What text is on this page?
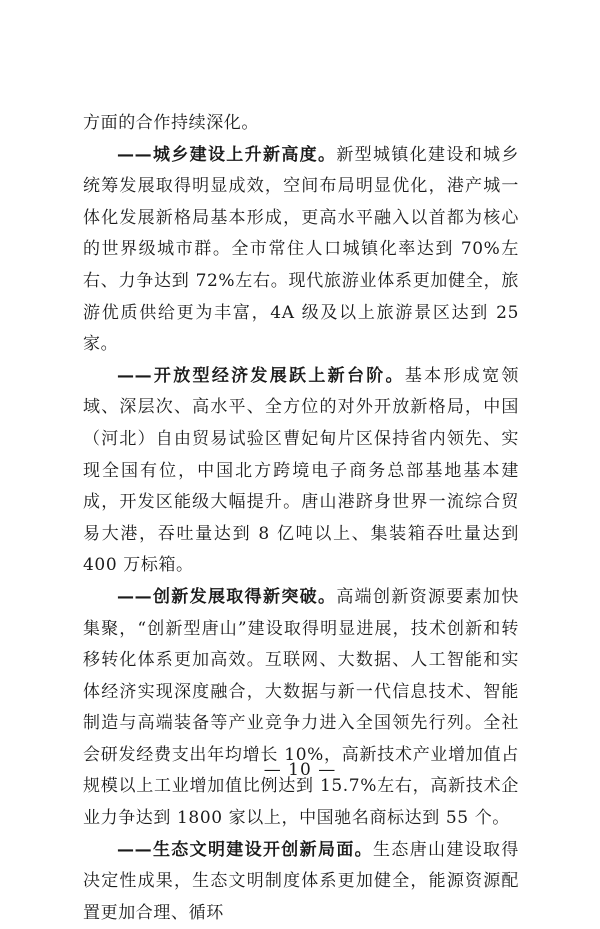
方面的合作持续深化。

——城乡建设上升新高度。新型城镇化建设和城乡统筹发展取得明显成效，空间布局明显优化，港产城一体化发展新格局基本形成，更高水平融入以首都为核心的世界级城市群。全市常住人口城镇化率达到 70%左右、力争达到 72%左右。现代旅游业体系更加健全，旅游优质供给更为丰富，4A 级及以上旅游景区达到 25 家。

——开放型经济发展跃上新台阶。基本形成宽领域、深层次、高水平、全方位的对外开放新格局，中国（河北）自由贸易试验区曹妃甸片区保持省内领先、实现全国有位，中国北方跨境电子商务总部基地基本建成，开发区能级大幅提升。唐山港跻身世界一流综合贸易大港，吞吐量达到 8 亿吨以上、集装箱吞吐量达到 400 万标箱。

——创新发展取得新突破。高端创新资源要素加快集聚，“创新型唐山”建设取得明显进展，技术创新和转移转化体系更加高效。互联网、大数据、人工智能和实体经济实现深度融合，大数据与新一代信息技术、智能制造与高端装备等产业竞争力进入全国领先行列。全社会研发经费支出年均增长 10%，高新技术产业增加值占规模以上工业增加值比例达到 15.7%左右，高新技术企业力争达到 1800 家以上，中国驰名商标达到 55 个。

——生态文明建设开创新局面。生态唐山建设取得决定性成果，生态文明制度体系更加健全，能源资源配置更加合理、循环

— 10 —
